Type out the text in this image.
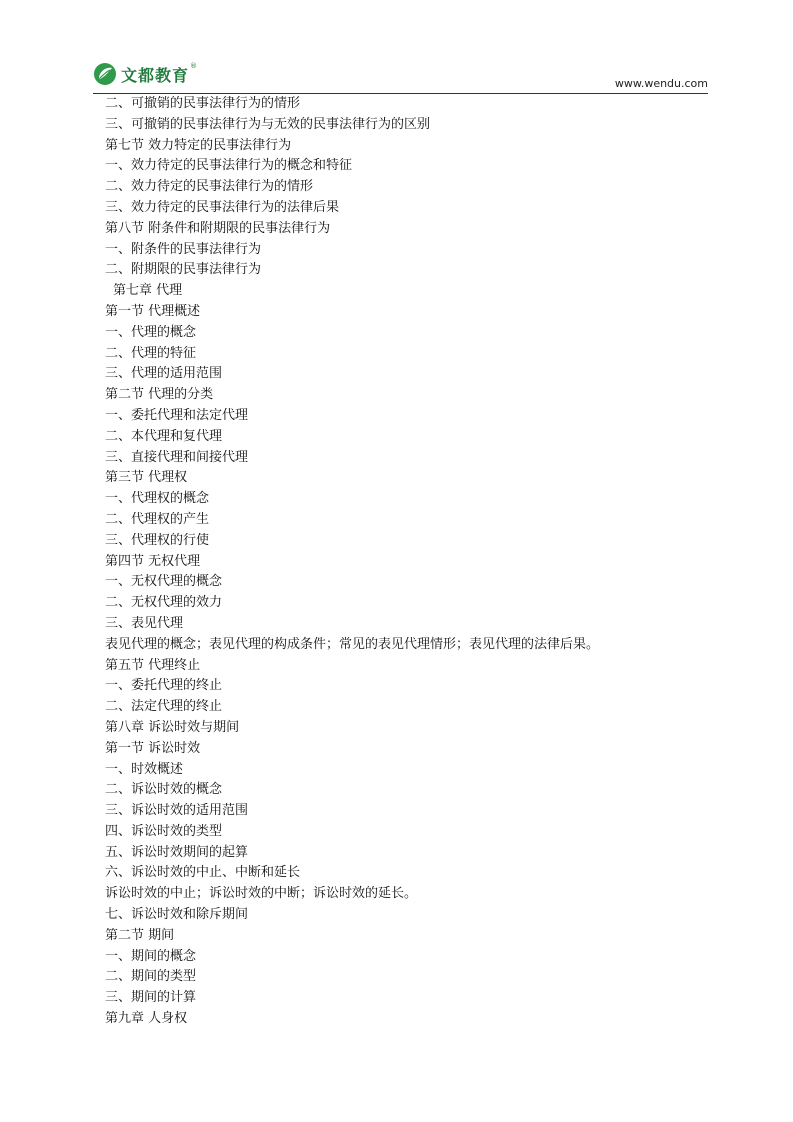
文都教育 ®
www.wendu.com
二、可撤销的民事法律行为的情形
三、可撤销的民事法律行为与无效的民事法律行为的区别
第七节 效力特定的民事法律行为
一、效力待定的民事法律行为的概念和特征
二、效力待定的民事法律行为的情形
三、效力待定的民事法律行为的法律后果
第八节 附条件和附期限的民事法律行为
一、附条件的民事法律行为
二、附期限的民事法律行为
第七章 代理
第一节 代理概述
一、代理的概念
二、代理的特征
三、代理的适用范围
第二节 代理的分类
一、委托代理和法定代理
二、本代理和复代理
三、直接代理和间接代理
第三节 代理权
一、代理权的概念
二、代理权的产生
三、代理权的行使
第四节 无权代理
一、无权代理的概念
二、无权代理的效力
三、表见代理
表见代理的概念；表见代理的构成条件；常见的表见代理情形；表见代理的法律后果。
第五节 代理终止
一、委托代理的终止
二、法定代理的终止
第八章 诉讼时效与期间
第一节 诉讼时效
一、时效概述
二、诉讼时效的概念
三、诉讼时效的适用范围
四、诉讼时效的类型
五、诉讼时效期间的起算
六、诉讼时效的中止、中断和延长
诉讼时效的中止；诉讼时效的中断；诉讼时效的延长。
七、诉讼时效和除斥期间
第二节 期间
一、期间的概念
二、期间的类型
三、期间的计算
第九章 人身权
